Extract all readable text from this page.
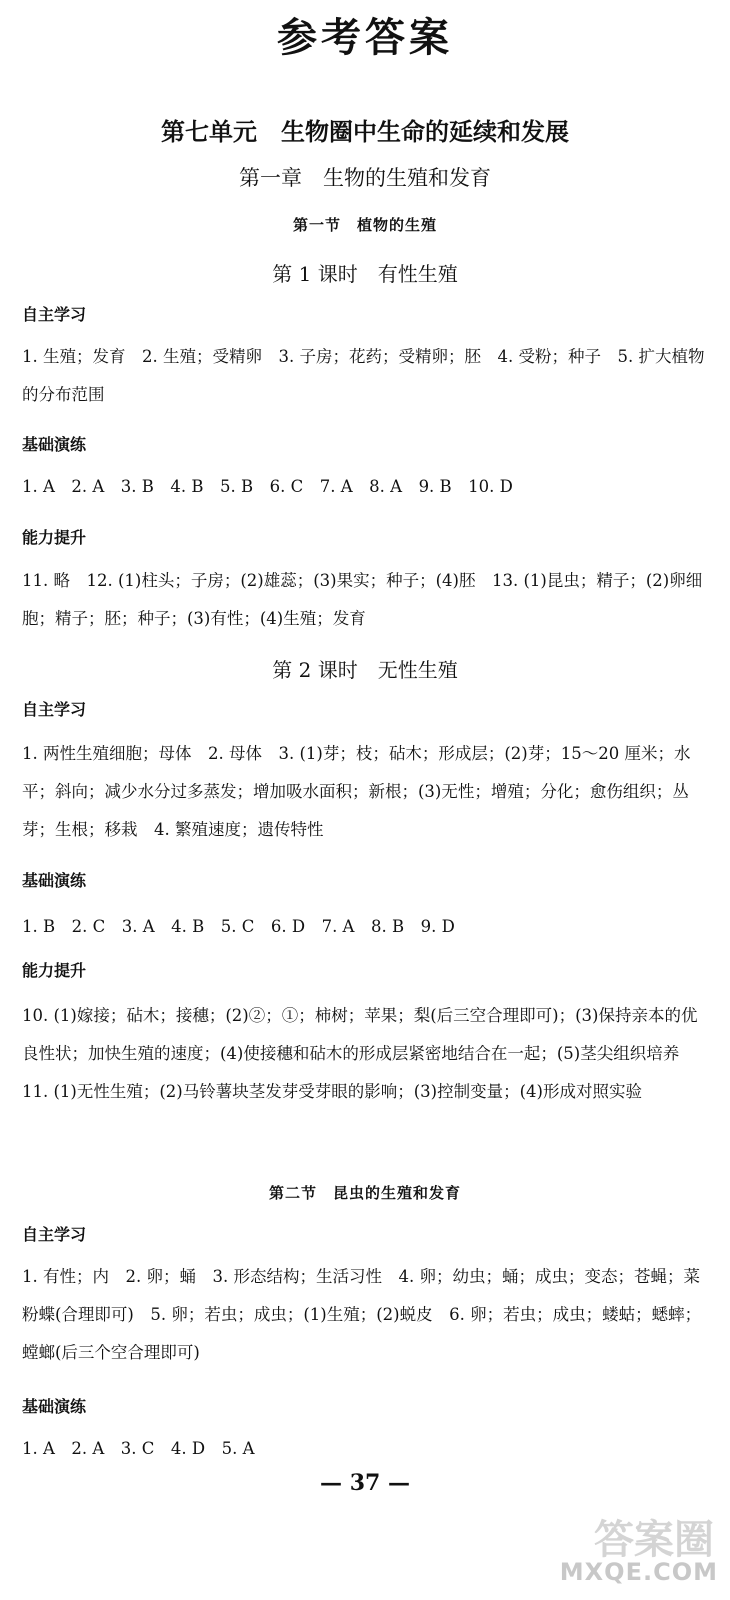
参考答案
第七单元　生物圈中生命的延续和发展
第一章　生物的生殖和发育
第一节　植物的生殖
第 1 课时　有性生殖
自主学习
1. 生殖；发育　2. 生殖；受精卵　3. 子房；花药；受精卵；胚　4. 受粉；种子　5. 扩大植物的分布范围
基础演练
1. A　2. A　3. B　4. B　5. B　6. C　7. A　8. A　9. B　10. D
能力提升
11. 略　12. (1)柱头；子房；(2)雄蕊；(3)果实；种子；(4)胚　13. (1)昆虫；精子；(2)卵细胞；精子；胚；种子；(3)有性；(4)生殖；发育
第 2 课时　无性生殖
自主学习
1. 两性生殖细胞；母体　2. 母体　3. (1)芽；枝；砧木；形成层；(2)芽；15～20 厘米；水平；斜向；减少水分过多蒸发；增加吸水面积；新根；(3)无性；增殖；分化；愈伤组织；丛芽；生根；移栽　4. 繁殖速度；遗传特性
基础演练
1. B　2. C　3. A　4. B　5. C　6. D　7. A　8. B　9. D
能力提升
10. (1)嫁接；砧木；接穗；(2)②；①；柿树；苹果；梨(后三空合理即可)；(3)保持亲本的优良性状；加快生殖的速度；(4)使接穗和砧木的形成层紧密地结合在一起；(5)茎尖组织培养　11. (1)无性生殖；(2)马铃薯块茎发芽受芽眼的影响；(3)控制变量；(4)形成对照实验
第二节　昆虫的生殖和发育
自主学习
1. 有性；内　2. 卵；蛹　3. 形态结构；生活习性　4. 卵；幼虫；蛹；成虫；变态；苍蝇；菜粉蝶(合理即可)　5. 卵；若虫；成虫；(1)生殖；(2)蜕皮　6. 卵；若虫；成虫；蝼蛄；蟋蟀；螳螂(后三个空合理即可)
基础演练
1. A　2. A　3. C　4. D　5. A
— 37 —
答案圈
MXQE.COM
